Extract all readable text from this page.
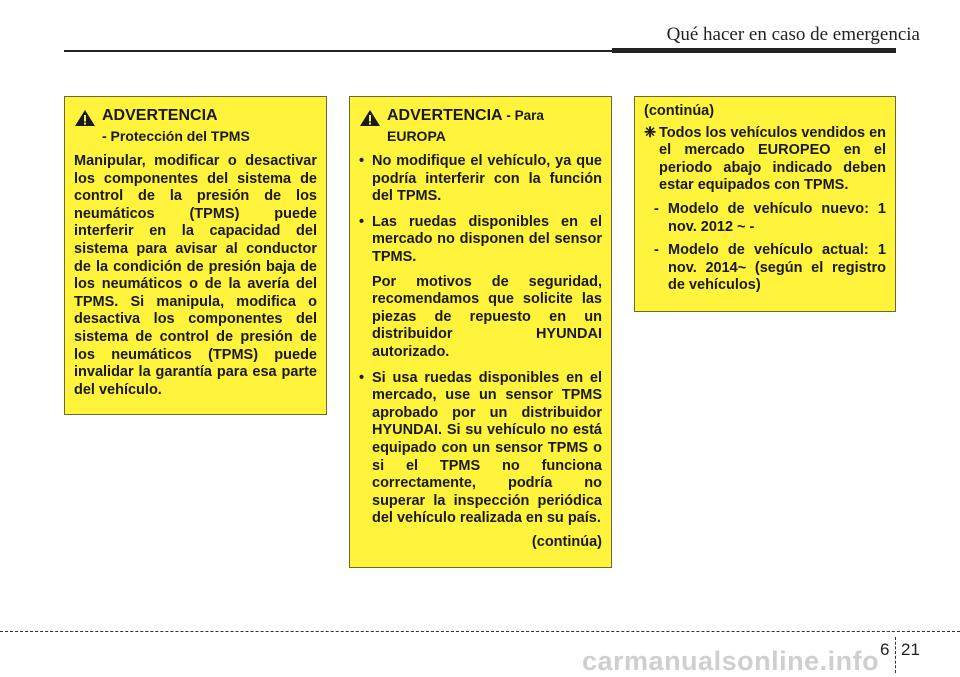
Qué hacer en caso de emergencia
ADVERTENCIA
- Protección del TPMS
Manipular, modificar o desactivar los componentes del sistema de control de la presión de los neumáticos (TPMS) puede interferir en la capacidad del sistema para avisar al conductor de la condición de presión baja de los neumáticos o de la avería del TPMS. Si manipula, modifica o desactiva los componentes del sistema de control de presión de los neumáticos (TPMS) puede invalidar la garantía para esa parte del vehículo.
ADVERTENCIA - Para
EUROPA
• No modifique el vehículo, ya que podría interferir con la función del TPMS.
• Las ruedas disponibles en el mercado no disponen del sensor TPMS.
Por motivos de seguridad, recomendamos que solicite las piezas de repuesto en un distribuidor HYUNDAI autorizado.
• Si usa ruedas disponibles en el mercado, use un sensor TPMS aprobado por un distribuidor HYUNDAI. Si su vehículo no está equipado con un sensor TPMS o si el TPMS no funciona correctamente, podría no superar la inspección periódica del vehículo realizada en su país.
(continúa)
(continúa)
❈ Todos los vehículos vendidos en el mercado EUROPEO en el periodo abajo indicado deben estar equipados con TPMS.
- Modelo de vehículo nuevo: 1 nov. 2012 ~ -
- Modelo de vehículo actual: 1 nov. 2014~ (según el registro de vehículos)
6 21
carmanualsonline.info
